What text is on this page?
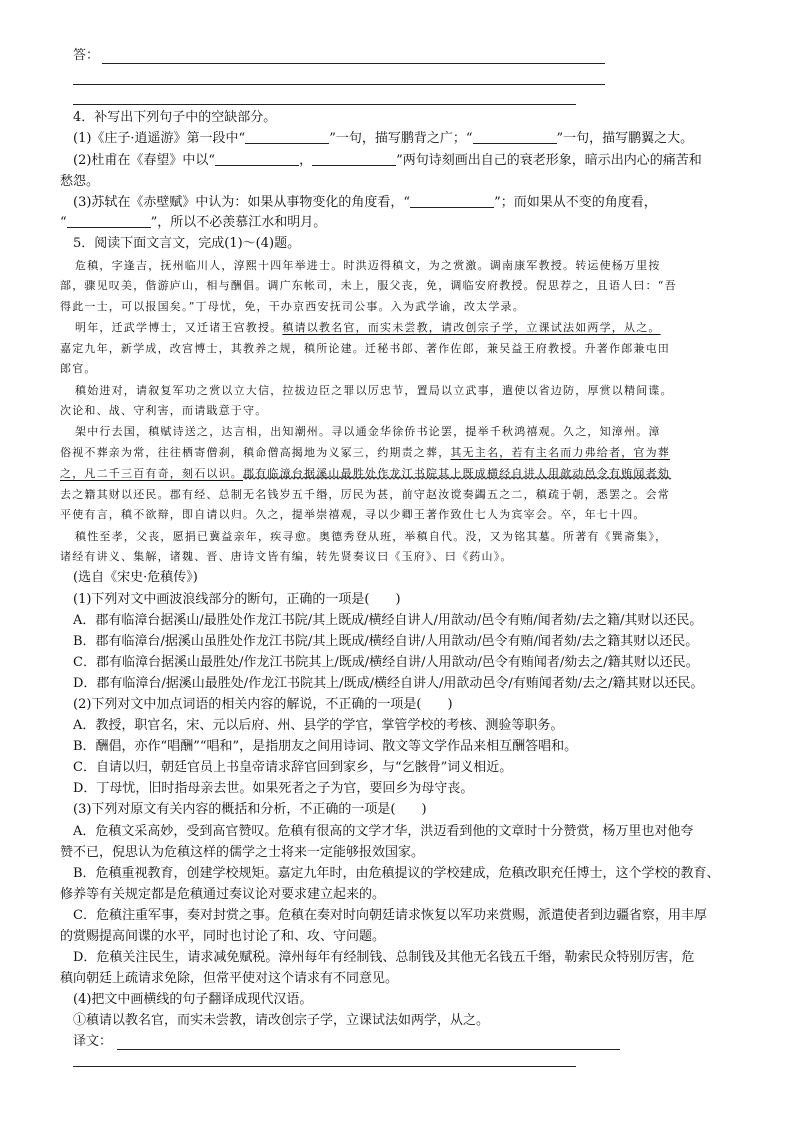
答：
4．补写出下列句子中的空缺部分。
(1)《庄子·逍遥游》第一段中“	”一句，描写鹏背之广；“	”一句，描写鹏翼之大。
(2)杜甫在《春望》中以“	，	”两句诗刻画出自己的衰老形象，暗示出内心的痛苦和
愁怨。
(3)苏轼在《赤壁赋》中认为：如果从事物变化的角度看，“	”；而如果从不变的角度看，
“	”，所以不必羡慕江水和明月。
5．阅读下面文言文，完成(1)～(4)题。
危稹，字逢吉，抚州临川人，淳熙十四年举进士。时洪迈得稹文，为之赏激。调南康军教授。转运使杨万里按
部，骤见叹美，偕游庐山，相与酬倡。调广东帐司，未上，服父丧，免，调临安府教授。倪思荐之，且语人曰：“吾
得此一士，可以报国矣。”丁母忧，免，干办京西安抚司公事。入为武学谕，改太学录。
明年，迁武学博士，又迁诸王宫教授。稹请以教名官，而实未尝教，请改创宗子学，立课试法如两学，从之。
嘉定九年，新学成，改宫博士，其教养之规，稹所论建。迁秘书郎、著作佐郎，兼吴益王府教授。升著作郎兼屯田
郎官。
稹始进对，请叙复军功之赏以立大信，拉拔边臣之罪以厉忠节，置局以立武事，遣使以省边防，厚赏以精间谍。
次论和、战、守利害，而请戢意于守。
架中行去国，稹赋诗送之，达言相，出知潮州。寻以通金华徐侨书论罢，提举千秋鸿禧观。久之，知漳州。漳
俗视不葬亲为常，往往栖寄僧刹，稹命僧高揭地为义冢三，约期责之葬，其无主名，若有主名而力弗给者，官为葬
之，凡二千三百有奇，刻石以识。郡有临漳台据溪山最胜处作龙江书院其上既成横经自讲人用歆动邑令有贿闻者劾
去之籍其财以还民。郡有经、总制无名钱岁五千缗，厉民为甚，前守赵汝谠奏蠲五之二，稹疏于朝，悉罢之。会常
平使有言，稹不欲辩，即自请以归。久之，提举崇禧观，寻以少卿王著作致仕七人为宾宰会。卒，年七十四。
稹性至孝，父丧，愿捐已冀益亲年，疾寻愈。奥德秀登从班，举稹自代。没，又为铭其墓。所著有《巽斋集》，
诸经有讲义、集解，诸魏、晋、唐诗文皆有编，转先贤奏议曰《玉府》、曰《药山》。
(选自《宋史·危稹传》)
(1)下列对文中画波浪线部分的断句，正确的一项是(　　)
A．郡有临漳台据溪山/最胜处作龙江书院/其上既成/横经自讲人/用歆动/邑令有贿/闻者劾/去之籍/其财以还民。
B．郡有临漳台/据溪山虽胜处作龙江书院/其上既成/横经自讲/人用歆动/邑令有贿/闻者劾/去之籍其财以还民。
C．郡有临漳台据溪山最胜处/作龙江书院其上/既成/横经自讲/人用歆动/邑令有贿闻者/劾去之/籍其财以还民。
D．郡有临漳台/据溪山最胜处/作龙江书院其上/既成/横经自讲人/用歆动邑令/有贿闻者劾/去之/籍其财以还民。
(2)下列对文中加点词语的相关内容的解说，不正确的一项是(　　)
A．教授，职官名，宋、元以后府、州、县学的学官，掌管学校的考核、测验等职务。
B．酬倡，亦作“唱酬”“唱和”，是指朋友之间用诗词、散文等文学作品来相互酬答唱和。
C．自请以归，朝廷官员上书皇帝请求辞官回到家乡，与“乞骸骨”词义相近。
D．丁母忧，旧时指母亲去世。如果死者之子为官，要回乡为母守丧。
(3)下列对原文有关内容的概括和分析，不正确的一项是(　　)
A．危稹文采高妙，受到高官赞叹。危稹有很高的文学才华，洪迈看到他的文章时十分赞赏，杨万里也对他夸
赞不已，倪思认为危稹这样的儒学之士将来一定能够报效国家。
B．危稹重视教育，创建学校规矩。嘉定九年时，由危稹提议的学校建成，危稹改职充任博士，这个学校的教育、
修养等有关规定都是危稹通过奏议论对要求建立起来的。
C．危稹注重军事，奏对封赏之事。危稹在奏对时向朝廷请求恢复以军功来赏赐，派遣使者到边疆省察，用丰厚
的赏赐提高间谍的水平，同时也讨论了和、攻、守问题。
D．危稹关注民生，请求减免赋税。漳州每年有经制钱、总制钱及其他无名钱五千缗，勒索民众特别厉害，危
稹向朝廷上疏请求免除，但常平使对这个请求有不同意见。
(4)把文中画横线的句子翻译成现代汉语。
①稹请以教名官，而实未尝教，请改创宗子学，立课试法如两学，从之。
译文：
